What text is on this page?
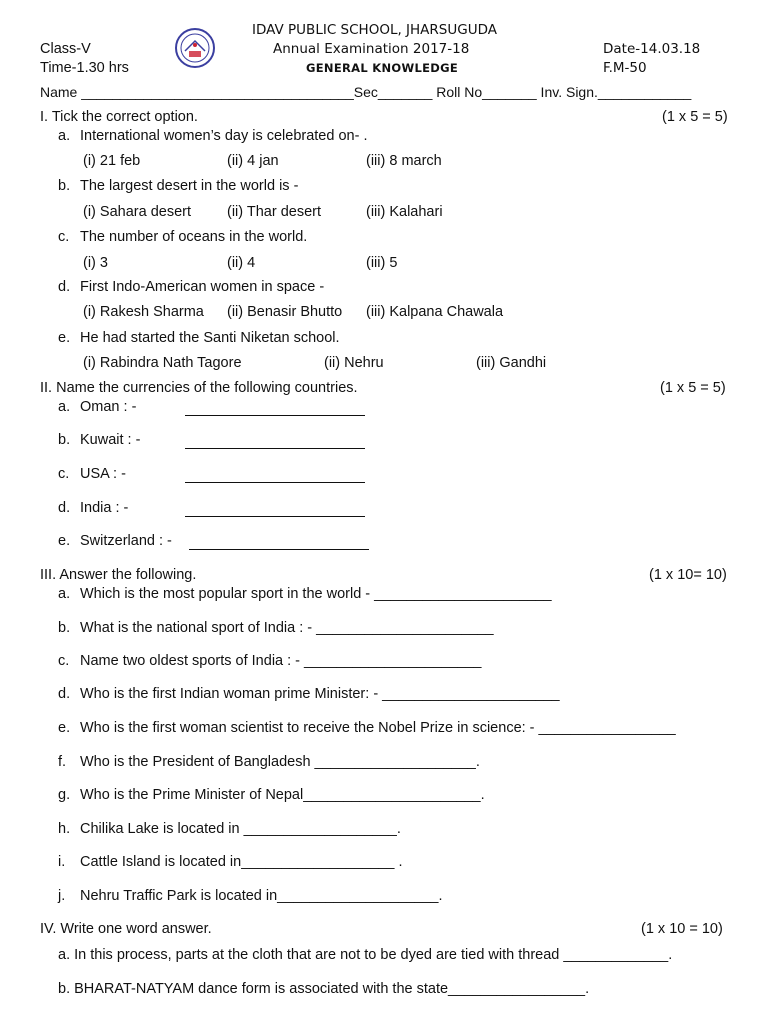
IDAV PUBLIC SCHOOL, JHARSUGUDA
Class-V	Annual Examination 2017-18	Date-14.03.18
Time-1.30 hrs	GENERAL KNOWLEDGE	F.M-50
Name ___________________________________Sec_______ Roll No_______ Inv. Sign.____________
I. Tick the correct option.	(1 x 5 = 5)
a. International women’s day is celebrated on- .
(i) 21 feb	(ii) 4 jan	(iii) 8 march
b. The largest desert in the world is -
(i) Sahara desert (ii) Thar desert	(iii) Kalahari
c. The number of oceans in the world.
(i) 3	(ii) 4	(iii) 5
d. First Indo-American women in space -
(i) Rakesh Sharma (ii) Benasir Bhutto (iii) Kalpana Chawala
e. He had started the Santi Niketan school.
(i) Rabindra Nath Tagore	(ii) Nehru	(iii) Gandhi
II. Name the currencies of the following countries.	(1 x 5 = 5)
a. Oman : -
b. Kuwait : -
c. USA : -
d. India : -
e. Switzerland : -
III. Answer the following.	(1 x 10= 10)
a. Which is the most popular sport in the world - ______________________
b. What is the national sport of India : - ______________________
c. Name two oldest sports of India : - ______________________
d. Who is the first Indian woman prime Minister: - ______________________
e. Who is the first woman scientist to receive the Nobel Prize in science: - _________________
f. Who is the President of Bangladesh ____________________.
g. Who is the Prime Minister of Nepal______________________.
h. Chilika Lake is located in ___________________.
i. Cattle Island is located in___________________ .
j. Nehru Traffic Park is located in____________________.
IV. Write one word answer.	(1 x 10 = 10)
a. In this process, parts at the cloth that are not to be dyed are tied with thread _____________.
b. BHARAT-NATYAM dance form is associated with the state_________________.
